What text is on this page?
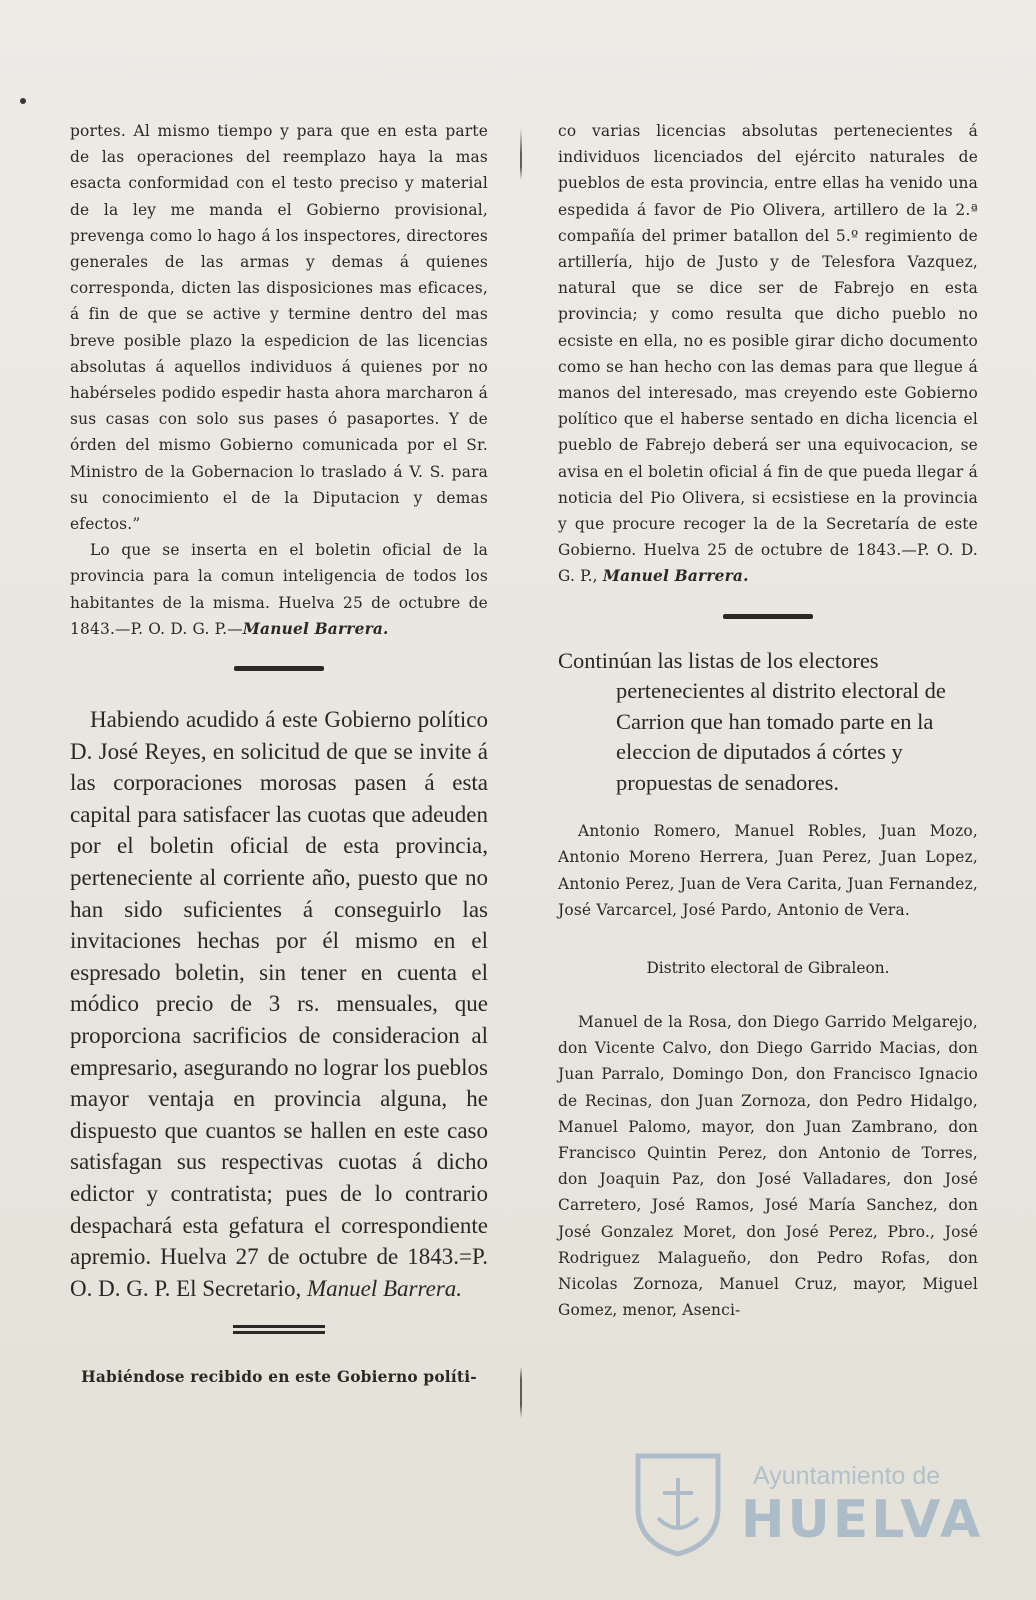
portes. Al mismo tiempo y para que en esta parte de las operaciones del reemplazo haya la mas esacta conformidad con el testo preciso y material de la ley me manda el Gobierno provisional, prevenga como lo hago á los inspectores, directores generales de las armas y demas á quienes corresponda, dicten las disposiciones mas eficaces, á fin de que se active y termine dentro del mas breve posible plazo la espedicion de las licencias absolutas á aquellos individuos á quienes por no habérseles podido espedir hasta ahora marcharon á sus casas con solo sus pases ó pasaportes. Y de órden del mismo Gobierno comunicada por el Sr. Ministro de la Gobernacion lo traslado á V. S. para su conocimiento el de la Diputacion y demas efectos.”

Lo que se inserta en el boletin oficial de la provincia para la comun inteligencia de todos los habitantes de la misma. Huelva 25 de octubre de 1843.—P. O. D. G. P.—Manuel Barrera.

Habiendo acudido á este Gobierno político D. José Reyes, en solicitud de que se invite á las corporaciones morosas pasen á esta capital para satisfacer las cuotas que adeuden por el boletin oficial de esta provincia, perteneciente al corriente año, puesto que no han sido suficientes á conseguirlo las invitaciones hechas por él mismo en el espresado boletin, sin tener en cuenta el módico precio de 3 rs. mensuales, que proporciona sacrificios de consideracion al empresario, asegurando no lograr los pueblos mayor ventaja en provincia alguna, he dispuesto que cuantos se hallen en este caso satisfagan sus respectivas cuotas á dicho edictor y contratista; pues de lo contrario despachará esta gefatura el correspondiente apremio. Huelva 27 de octubre de 1843.=P. O. D. G. P. El Secretario, Manuel Barrera.

Habiéndose recibido en este Gobierno políti-

co varias licencias absolutas pertenecientes á individuos licenciados del ejército naturales de pueblos de esta provincia, entre ellas ha venido una espedida á favor de Pio Olivera, artillero de la 2.ª compañía del primer batallon del 5.º regimiento de artillería, hijo de Justo y de Telesfora Vazquez, natural que se dice ser de Fabrejo en esta provincia; y como resulta que dicho pueblo no ecsiste en ella, no es posible girar dicho documento como se han hecho con las demas para que llegue á manos del interesado, mas creyendo este Gobierno político que el haberse sentado en dicha licencia el pueblo de Fabrejo deberá ser una equivocacion, se avisa en el boletin oficial á fin de que pueda llegar á noticia del Pio Olivera, si ecsistiese en la provincia y que procure recoger la de la Secretaría de este Gobierno. Huelva 25 de octubre de 1843.—P. O. D. G. P., Manuel Barrera.

Continúan las listas de los electores pertenecientes al distrito electoral de Carrion que han tomado parte en la eleccion de diputados á córtes y propuestas de senadores.

Antonio Romero, Manuel Robles, Juan Mozo, Antonio Moreno Herrera, Juan Perez, Juan Lopez, Antonio Perez, Juan de Vera Carita, Juan Fernandez, José Varcarcel, José Pardo, Antonio de Vera.

Distrito electoral de Gibraleon.

Manuel de la Rosa, don Diego Garrido Melgarejo, don Vicente Calvo, don Diego Garrido Macias, don Juan Parralo, Domingo Don, don Francisco Ignacio de Recinas, don Juan Zornoza, don Pedro Hidalgo, Manuel Palomo, mayor, don Juan Zambrano, don Francisco Quintin Perez, don Antonio de Torres, don Joaquin Paz, don José Valladares, don José Carretero, José Ramos, José María Sanchez, don José Gonzalez Moret, don José Perez, Pbro., José Rodriguez Malagueño, don Pedro Rofas, don Nicolas Zornoza, Manuel Cruz, mayor, Miguel Gomez, menor, Asenci-

Ayuntamiento de
HUELVA
